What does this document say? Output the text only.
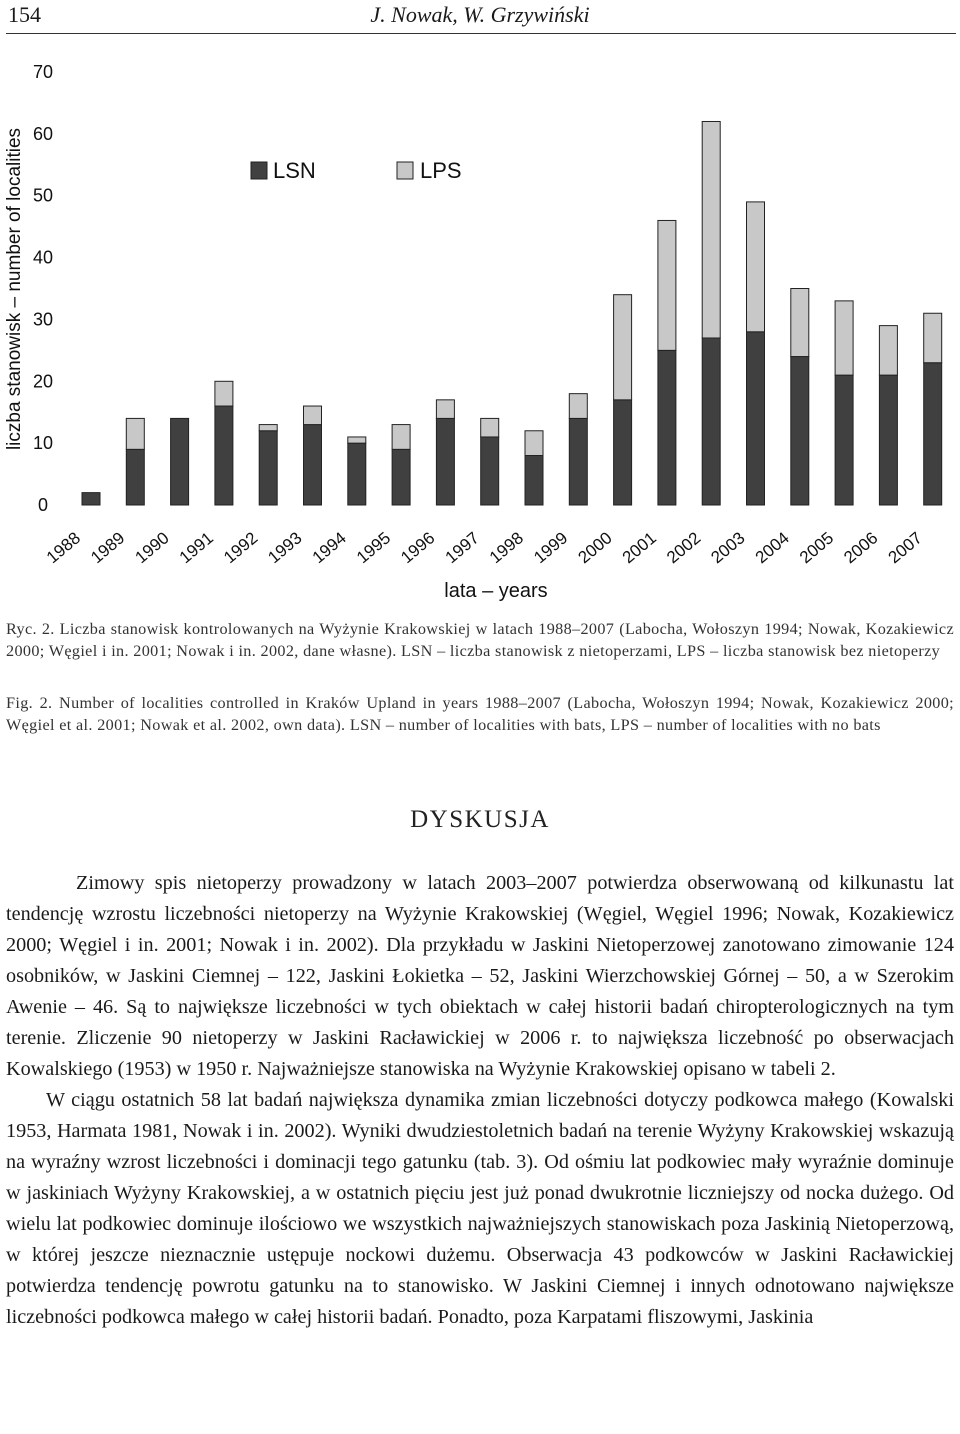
154	J. Nowak, W. Grzywiński
0
10
20
30
40
50
60
70
1988 1989 1990 1991 1992 1993 1994 1995 1996 1997 1998 1999 2000 2001 2002 2003 2004 2005 2006 2007
liczba stanowisk – number of localities
lata – years
LSN	LPS
Ryc. 2. Liczba stanowisk kontrolowanych na Wyżynie Krakowskiej w latach 1988–2007 (Labocha, Wołoszyn 1994; Nowak, Kozakiewicz 2000; Węgiel i in. 2001; Nowak i in. 2002, dane własne). LSN – liczba stanowisk z nietoperzami, LPS – liczba stanowisk bez nietoperzy
Fig. 2. Number of localities controlled in Kraków Upland in years 1988–2007 (Labocha, Wołoszyn 1994; Nowak, Kozakiewicz 2000; Węgiel et al. 2001; Nowak et al. 2002, own data). LSN – number of localities with bats, LPS – number of localities with no bats
DYSKUSJA

Zimowy spis nietoperzy prowadzony w latach 2003–2007 potwierdza obserwowaną od kilkunastu lat tendencję wzrostu liczebności nietoperzy na Wyżynie Krakowskiej (Węgiel, Węgiel 1996; Nowak, Kozakiewicz 2000; Węgiel i in. 2001; Nowak i in. 2002). Dla przykładu w Jaskini Nietoperzowej zanotowano zimowanie 124 osobników, w Jaskini Ciemnej – 122, Jaskini Łokietka – 52, Jaskini Wierzchowskiej Górnej – 50, a w Szerokim Awenie – 46. Są to największe liczebności w tych obiektach w całej historii badań chiropterologicznych na tym terenie. Zliczenie 90 nietoperzy w Jaskini Racławickiej w 2006 r. to największa liczebność po obserwacjach Kowalskiego (1953) w 1950 r. Najważniejsze stanowiska na Wyżynie Krakowskiej opisano w tabeli 2.

W ciągu ostatnich 58 lat badań największa dynamika zmian liczebności dotyczy podkowca małego (Kowalski 1953, Harmata 1981, Nowak i in. 2002). Wyniki dwudziestoletnich badań na terenie Wyżyny Krakowskiej wskazują na wyraźny wzrost liczebności i dominacji tego gatunku (tab. 3). Od ośmiu lat podkowiec mały wyraźnie dominuje w jaskiniach Wyżyny Krakowskiej, a w ostatnich pięciu jest już ponad dwukrotnie liczniejszy od nocka dużego. Od wielu lat podkowiec dominuje ilościowo we wszystkich najważniejszych stanowiskach poza Jaskinią Nietoperzową, w której jeszcze nieznacznie ustępuje nockowi dużemu. Obserwacja 43 podkowców w Jaskini Racławickiej potwierdza tendencję powrotu gatunku na to stanowisko. W Jaskini Ciemnej i innych odnotowano największe liczebności podkowca małego w całej historii badań. Ponadto, poza Karpatami fliszowymi, Jaskinia
